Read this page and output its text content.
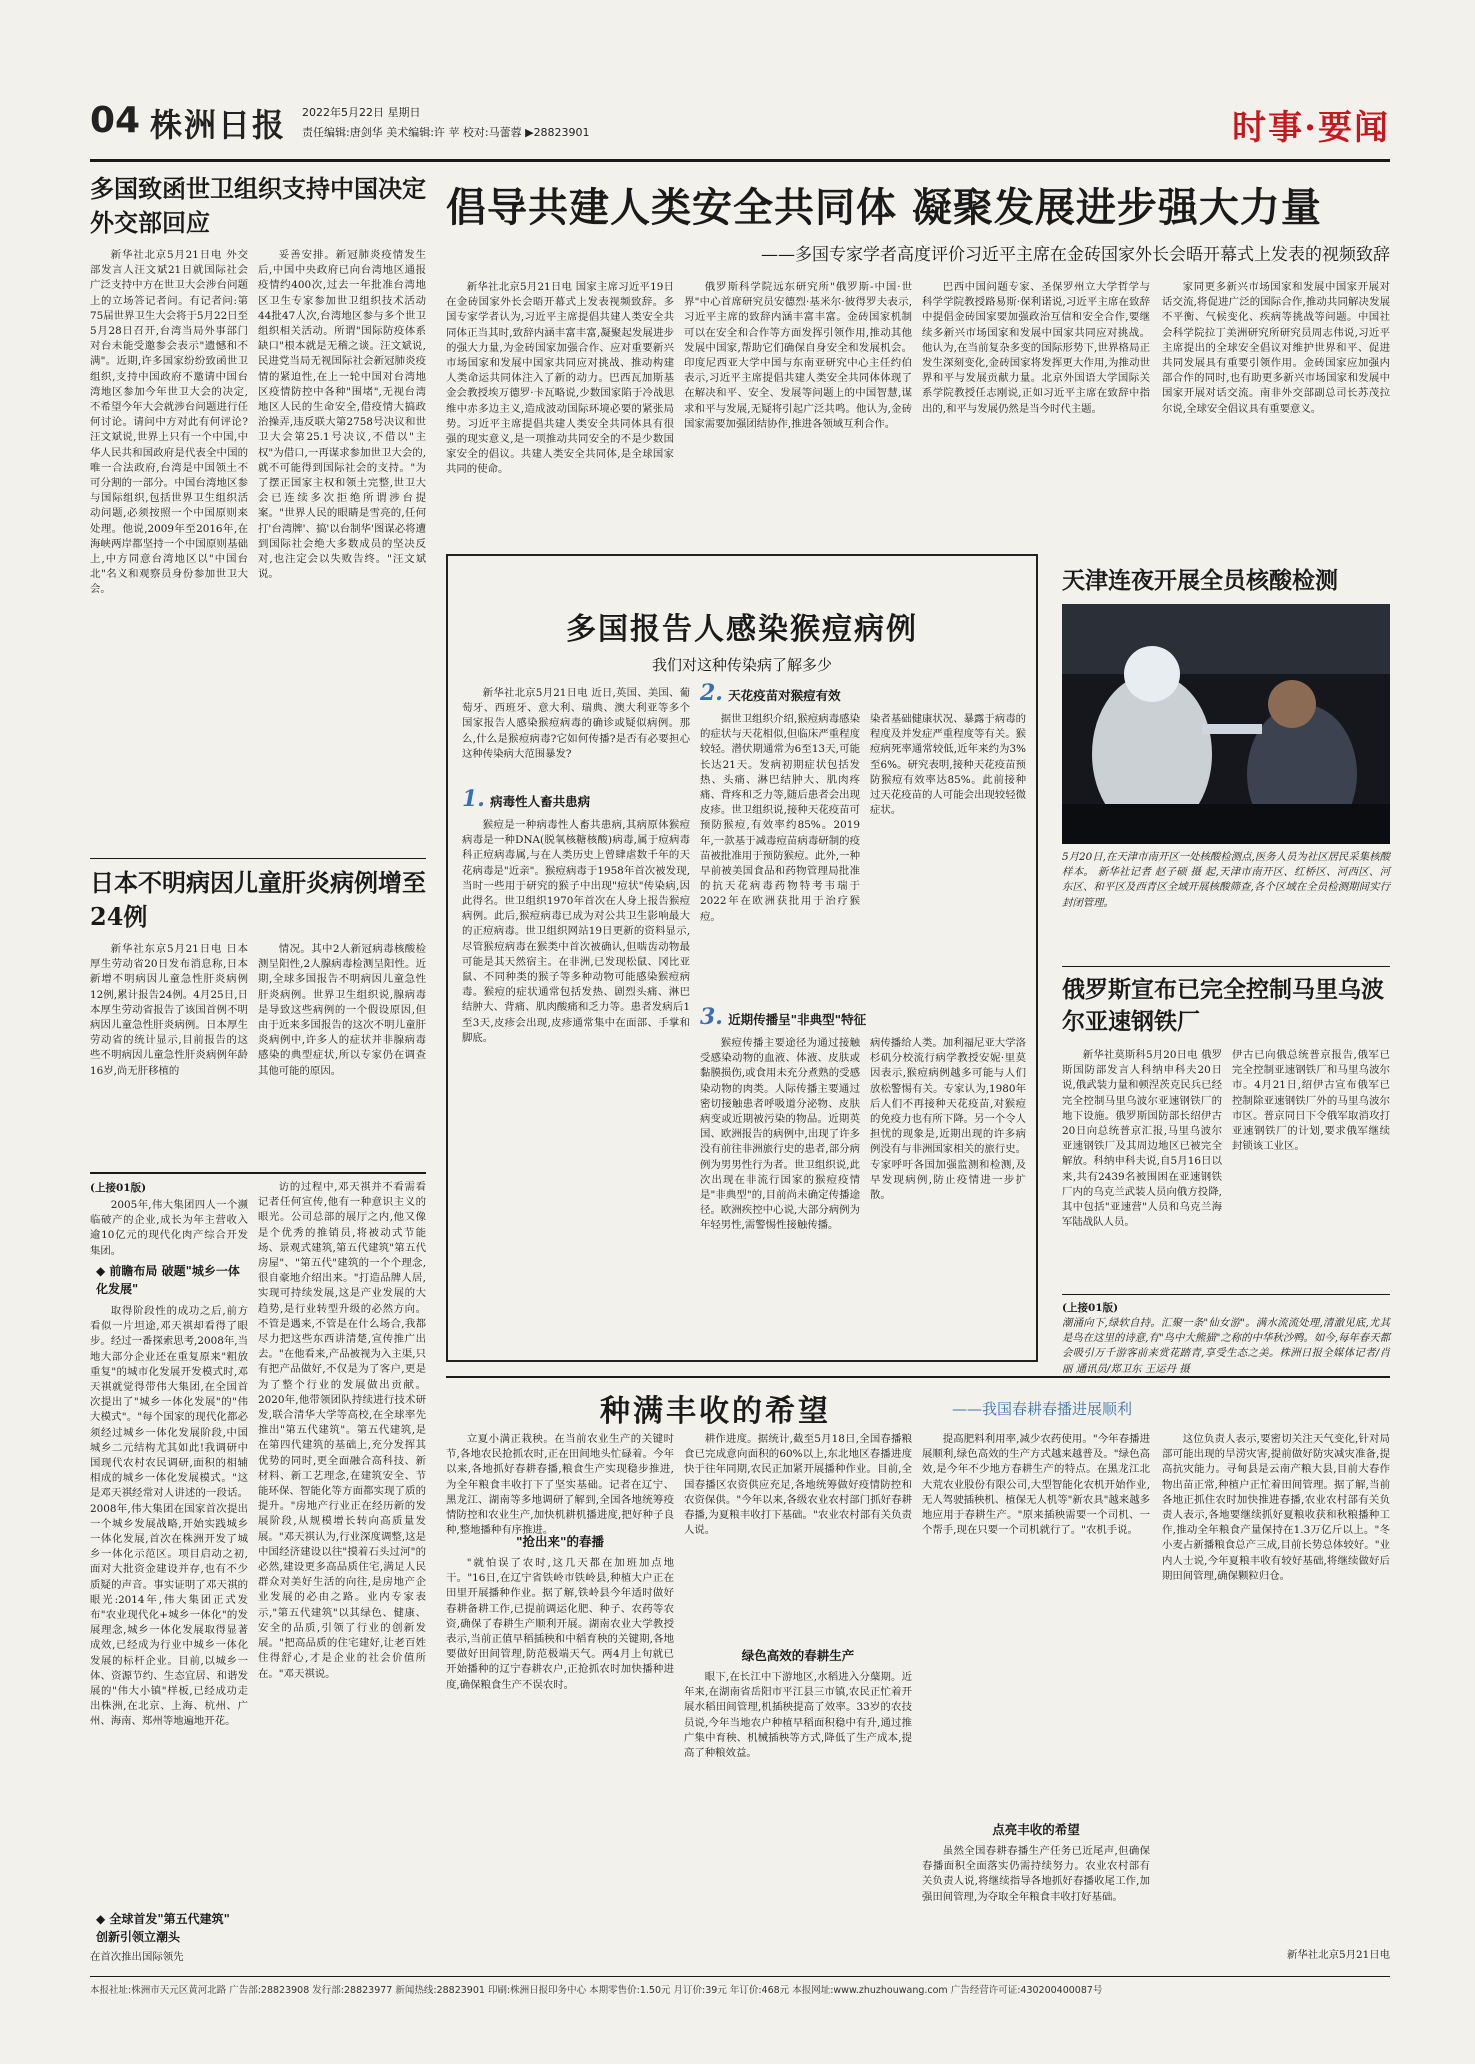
04 株洲日报 2022年5月22日 星期日
责任编辑:唐剑华 美术编辑:许 苹 校对:马蕾蓉 ▶28823901	时事·要闻
多国致函世卫组织支持中国决定 外交部回应
新华社北京5月21日电 外交部发言人汪文斌21日就国际社会广泛支持中方在世卫大会涉台问题上的立场答记者问。有记者问:第75届世界卫生大会将于5月22日至5月28日召开,台湾当局外事部门对台未能受邀参会表示"遗憾和不满"。近期,许多国家纷纷致函世卫组织,支持中国政府不邀请中国台湾地区参加今年世卫大会的决定,不希望今年大会就涉台问题进行任何讨论。请问中方对此有何评论?汪文斌说,世界上只有一个中国,中华人民共和国政府是代表全中国的唯一合法政府,台湾是中国领土不可分割的一部分。中国台湾地区参与国际组织,包括世界卫生组织活动问题,必须按照一个中国原则来处理。他说,2009年至2016年,在海峡两岸都坚持一个中国原则基础上,中方同意台湾地区以"中国台北"名义和观察员身份参加世卫大会。
妥善安排。新冠肺炎疫情发生后,中国中央政府已向台湾地区通报疫情约400次,过去一年批准台湾地区卫生专家参加世卫组织技术活动44批47人次,台湾地区参与多个世卫组织相关活动。所谓"国际防疫体系缺口"根本就是无稽之谈。汪文斌说,民进党当局无视国际社会新冠肺炎疫情的紧迫性,在上一轮中国对台湾地区疫情防控中各种"围堵",无视台湾地区人民的生命安全,借疫情大搞政治操弄,违反联大第2758号决议和世卫大会第25.1号决议,不借以"主权"为借口,一再谋求参加世卫大会的,就不可能得到国际社会的支持。"为了摆正国家主权和领土完整,世卫大会已连续多次拒绝所谓涉台提案。"世界人民的眼睛是雪亮的,任何打'台湾牌'、搞'以台制华'图谋必将遭到国际社会绝大多数成员的坚决反对,也注定会以失败告终。"汪文斌说。
日本不明病因儿童肝炎病例增至24例
新华社东京5月21日电 日本厚生劳动省20日发布消息称,日本新增不明病因儿童急性肝炎病例12例,累计报告24例。4月25日,日本厚生劳动省报告了该国首例不明病因儿童急性肝炎病例。日本厚生劳动省的统计显示,目前报告的这些不明病因儿童急性肝炎病例年龄16岁,尚无肝移植的
情况。其中2人新冠病毒核酸检测呈阳性,2人腺病毒检测呈阳性。近期,全球多国报告不明病因儿童急性肝炎病例。世界卫生组织说,腺病毒是导致这些病例的一个假设原因,但由于近来多国报告的这次不明儿童肝炎病例中,许多人的症状并非腺病毒感染的典型症状,所以专家仍在调查其他可能的原因。
(上接01版)
2005年,伟大集团四人一个濒临破产的企业,成长为年主营收入逾10亿元的现代化肉产综合开发集团。
◆ 前瞻布局 破题"城乡一体化发展"
取得阶段性的成功之后,前方看似一片坦途,邓天祺却看得了眼步。经过一番探索思考,2008年,当地大部分企业还在重复原来"粗放重复"的城市化发展开发模式时,邓天祺就觉得带伟大集团,在全国首次提出了"城乡一体化发展"的"伟大模式"。"每个国家的现代化都必须经过城乡一体化发展阶段,中国城乡二元结构尤其如此!我调研中国现代农村农民调研,面积的相辅相成的城乡一体化发展模式。"这是邓天祺经常对人讲述的一段话。2008年,伟大集团在国家首次提出一个城乡发展战略,开始实践城乡一体化发展,首次在株洲开发了城乡一体化示范区。项目启动之初,面对大批资金建设并存,也有不少质疑的声音。事实证明了邓天祺的眼光:2014年,伟大集团正式发布"农业现代化+城乡一体化"的发展理念,城乡一体化发展取得显著成效,已经成为行业中城乡一体化发展的标杆企业。目前,以城乡一体、资源节约、生态宜居、和谐发展的"伟大小镇"样板,已经成功走出株洲,在北京、上海、杭州、广州、海南、郑州等地遍地开花。
◆ 全球首发"第五代建筑" 创新引领立潮头
在首次推出国际领先
访的过程中,邓天祺并不看需看记者任何宣传,他有一种意识主义的眼光。公司总部的展厅之内,他又像是个优秀的推销员,将被动式节能场、景观式建筑,第五代建筑"第五代房屋"、"第五代"建筑的一个个理念,很自豪地介绍出来。"打造品牌人居,实现可持续发展,这是产业发展的大趋势,是行业转型升级的必然方向。不管是遇来,不管是在什么场合,我都尽力把这些东西讲清楚,宣传推广出去。"在他看来,产品被视为入主渠,只有把产品做好,不仅是为了客户,更是为了整个行业的发展做出贡献。2020年,他带领团队持续进行技术研发,联合清华大学等高校,在全球率先推出"第五代建筑"。第五代建筑,是在第四代建筑的基础上,充分发挥其优势的同时,更全面融合高科技、新材料、新工艺理念,在建筑安全、节能环保、智能化等方面都实现了质的提升。"房地产行业正在经历新的发展阶段,从规模增长转向高质量发展。"邓天祺认为,行业深度调整,这是中国经济建设以往"摸着石头过河"的必然,建设更多高品质住宅,满足人民群众对美好生活的向往,是房地产企业发展的必由之路。业内专家表示,"第五代建筑"以其绿色、健康、安全的品质,引领了行业的创新发展。"把高品质的住宅建好,让老百姓住得舒心,才是企业的社会价值所在。"邓天祺说。
倡导共建人类安全共同体 凝聚发展进步强大力量
——多国专家学者高度评价习近平主席在金砖国家外长会晤开幕式上发表的视频致辞
新华社北京5月21日电 国家主席习近平19日在金砖国家外长会晤开幕式上发表视频致辞。多国专家学者认为,习近平主席提倡共建人类安全共同体正当其时,致辞内涵丰富丰富,凝聚起发展进步的强大力量,为金砖国家加强合作、应对重要新兴市场国家和发展中国家共同应对挑战、推动构建人类命运共同体注入了新的动力。巴西瓦加斯基金会教授埃万德罗·卡瓦略说,少数国家陷于冷战思维中赤多边主义,造成波动国际环境必要的紧张局势。习近平主席提倡共建人类安全共同体具有很强的现实意义,是一项推动共同安全的不是少数国家安全的倡议。共建人类安全共同体,是全球国家共同的使命。
俄罗斯科学院远东研究所"俄罗斯-中国·世界"中心首席研究员安德烈·基米尔·彼得罗夫表示,习近平主席的致辞内涵丰富丰富。金砖国家机制可以在安全和合作等方面发挥引领作用,推动其他发展中国家,帮助它们确保自身安全和发展机会。印度尼西亚大学中国与东南亚研究中心主任约伯表示,习近平主席提倡共建人类安全共同体体现了在解决和平、安全、发展等问题上的中国智慧,谋求和平与发展,无疑将引起广泛共鸣。他认为,金砖国家需要加强团结协作,推进各领域互利合作。
巴西中国问题专家、圣保罗州立大学哲学与科学学院教授路易斯·保利诺说,习近平主席在致辞中提倡金砖国家要加强政治互信和安全合作,要继续多新兴市场国家和发展中国家共同应对挑战。他认为,在当前复杂多变的国际形势下,世界格局正发生深刻变化,金砖国家将发挥更大作用,为推动世界和平与发展贡献力量。北京外国语大学国际关系学院教授任志刚说,正如习近平主席在致辞中指出的,和平与发展仍然是当今时代主题。
家同更多新兴市场国家和发展中国家开展对话交流,将促进广泛的国际合作,推动共同解决发展不平衡、气候变化、疾病等挑战等问题。中国社会科学院拉丁美洲研究所研究员周志伟说,习近平主席提出的全球安全倡议对维护世界和平、促进共同发展具有重要引领作用。金砖国家应加强内部合作的同时,也有助更多新兴市场国家和发展中国家开展对话交流。南非外交部副总司长苏茂拉尔说,全球安全倡议具有重要意义。
多国报告人感染猴痘病例
我们对这种传染病了解多少
新华社北京5月21日电 近日,英国、美国、葡萄牙、西班牙、意大利、瑞典、澳大利亚等多个国家报告人感染猴痘病毒的确诊或疑似病例。那么,什么是猴痘病毒?它如何传播?是否有必要担心这种传染病大范围暴发?
1. 病毒性人畜共患病
猴痘是一种病毒性人畜共患病,其病原体猴痘病毒是一种DNA(脱氧核糖核酸)病毒,属于痘病毒科正痘病毒属,与在人类历史上曾肆虐数千年的天花病毒是"近亲"。猴痘病毒于1958年首次被发现,当时一些用于研究的猴子中出现"痘状"传染病,因此得名。世卫组织1970年首次在人身上报告猴痘病例。此后,猴痘病毒已成为对公共卫生影响最大的正痘病毒。世卫组织网站19日更新的资料显示,尽管猴痘病毒在猴类中首次被确认,但啮齿动物最可能是其天然宿主。在非洲,已发现松鼠、冈比亚鼠、不同种类的猴子等多种动物可能感染猴痘病毒。猴痘的症状通常包括发热、剧烈头痛、淋巴结肿大、背痛、肌肉酸痛和乏力等。患者发病后1至3天,皮疹会出现,皮疹通常集中在面部、手掌和脚底。
2. 天花疫苗对猴痘有效
据世卫组织介绍,猴痘病毒感染的症状与天花相似,但临床严重程度较轻。潜伏期通常为6至13天,可能长达21天。发病初期症状包括发热、头痛、淋巴结肿大、肌肉疼痛、背疼和乏力等,随后患者会出现皮疹。世卫组织说,接种天花疫苗可预防猴痘,有效率约85%。2019年,一款基于减毒痘苗病毒研制的疫苗被批准用于预防猴痘。此外,一种早前被美国食品和药物管理局批准的抗天花病毒药物特考韦瑞于2022年在欧洲获批用于治疗猴痘。
染者基础健康状况、暴露于病毒的程度及并发症严重程度等有关。猴痘病死率通常较低,近年来约为3%至6%。研究表明,接种天花疫苗预防猴痘有效率达85%。此前接种过天花疫苗的人可能会出现较轻微症状。
3. 近期传播呈"非典型"特征
猴痘传播主要途径为通过接触受感染动物的血液、体液、皮肤或黏膜损伤,或食用未充分煮熟的受感染动物的肉类。人际传播主要通过密切接触患者呼吸道分泌物、皮肤病变或近期被污染的物品。近期英国、欧洲报告的病例中,出现了许多没有前往非洲旅行史的患者,部分病例为男男性行为者。世卫组织说,此次出现在非流行国家的猴痘疫情是"非典型"的,目前尚未确定传播途径。欧洲疾控中心说,大部分病例为年轻男性,需警惕性接触传播。
病传播给人类。加利福尼亚大学洛杉矶分校流行病学教授安妮·里莫因表示,猴痘病例越多可能与人们放松警惕有关。专家认为,1980年后人们不再接种天花疫苗,对猴痘的免疫力也有所下降。另一个令人担忧的现象是,近期出现的许多病例没有与非洲国家相关的旅行史。专家呼吁各国加强监测和检测,及早发现病例,防止疫情进一步扩散。
天津连夜开展全员核酸检测
5月20日,在天津市南开区一处核酸检测点,医务人员为社区居民采集核酸样本。 新华社记者 赵子硕 摄 起,天津市南开区、红桥区、河西区、河东区、和平区及西青区全域开展核酸筛查,各个区域在全员检测期间实行封闭管理。
俄罗斯宣布已完全控制马里乌波尔亚速钢铁厂
新华社莫斯科5月20日电 俄罗斯国防部发言人科纳申科夫20日说,俄武装力量和顿涅茨克民兵已经完全控制马里乌波尔亚速钢铁厂的地下设施。俄罗斯国防部长绍伊古20日向总统普京汇报,马里乌波尔亚速钢铁厂及其周边地区已被完全解放。科纳申科夫说,自5月16日以来,共有2439名被围困在亚速钢铁厂内的乌克兰武装人员向俄方投降,其中包括"亚速营"人员和乌克兰海军陆战队人员。
伊古已向俄总统普京报告,俄军已完全控制亚速钢铁厂和马里乌波尔市。4月21日,绍伊古宣布俄军已控制除亚速钢铁厂外的马里乌波尔市区。普京同日下令俄军取消攻打亚速钢铁厂的计划,要求俄军继续封锁该工业区。
(上接01版)
潮涌向下,绿软自持。汇聚一条"仙女游"。满水流流处理,清澈见底,尤其是鸟在这里的诗意,有"鸟中大熊猫"之称的中华秋沙鸭。如今,每年春天都会吸引万千游客前来赏花踏青,享受生态之美。株洲日报全媒体记者/肖丽 通讯员/郑卫东 王运丹 摄
种满丰收的希望	——我国春耕春播进展顺利
立夏小满正栽秧。在当前农业生产的关键时节,各地农民抢抓农时,正在田间地头忙碌着。今年以来,各地抓好春耕春播,粮食生产实现稳步推进,为全年粮食丰收打下了坚实基础。记者在辽宁、黑龙江、湖南等多地调研了解到,全国各地统筹疫情防控和农业生产,加快机耕机播进度,把好种子良种,整地播种有序推进。
"抢出来"的春播
"就怕误了农时,这几天都在加班加点地干。"16日,在辽宁省铁岭市铁岭县,种植大户正在田里开展播种作业。据了解,铁岭县今年适时做好春耕备耕工作,已提前调运化肥、种子、农药等农资,确保了春耕生产顺利开展。湖南农业大学教授表示,当前正值早稻插秧和中稻育秧的关键期,各地要做好田间管理,防范极端天气。两4月上旬就已开始播种的辽宁春耕农户,正抢抓农时加快播种进度,确保粮食生产不误农时。
耕作进度。据统计,截至5月18日,全国春播粮食已完成意向面积的60%以上,东北地区春播进度快于往年同期,农民正加紧开展播种作业。目前,全国春播区农资供应充足,各地统筹做好疫情防控和农资保供。"今年以来,各级农业农村部门抓好春耕春播,为夏粮丰收打下基础。"农业农村部有关负责人说。
绿色高效的春耕生产
眼下,在长江中下游地区,水稻进入分蘖期。近年来,在湖南省岳阳市平江县三市镇,农民正忙着开展水稻田间管理,机插秧提高了效率。33岁的农技员说,今年当地农户种植早稻面积稳中有升,通过推广集中育秧、机械插秧等方式,降低了生产成本,提高了种粮效益。
提高肥料利用率,减少农药使用。"今年春播进展顺利,绿色高效的生产方式越来越普及。"绿色高效,是今年不少地方春耕生产的特点。在黑龙江北大荒农业股份有限公司,大型智能化农机开始作业,无人驾驶插秧机、植保无人机等"新农具"越来越多地应用于春耕生产。"原来插秧需要一个司机、一个帮手,现在只要一个司机就行了。"农机手说。
点亮丰收的希望
虽然全国春耕春播生产任务已近尾声,但确保春播面积全面落实仍需持续努力。农业农村部有关负责人说,将继续指导各地抓好春播收尾工作,加强田间管理,为夺取全年粮食丰收打好基础。
这位负责人表示,要密切关注天气变化,针对局部可能出现的旱涝灾害,提前做好防灾减灾准备,提高抗灾能力。寻甸县是云南产粮大县,目前大春作物出苗正常,种植户正忙着田间管理。据了解,当前各地正抓住农时加快推进春播,农业农村部有关负责人表示,各地要继续抓好夏粮收获和秋粮播种工作,推动全年粮食产量保持在1.3万亿斤以上。"冬小麦占新播粮食总产三成,目前长势总体较好。"业内人士说,今年夏粮丰收有较好基础,将继续做好后期田间管理,确保颗粒归仓。
新华社北京5月21日电
本报社址:株洲市天元区黄河北路 广告部:28823908 发行部:28823977 新闻热线:28823901 印刷:株洲日报印务中心 本期零售价:1.50元 月订价:39元 年订价:468元 本报网址:www.zhuzhouwang.com 广告经营许可证:430200400087号
